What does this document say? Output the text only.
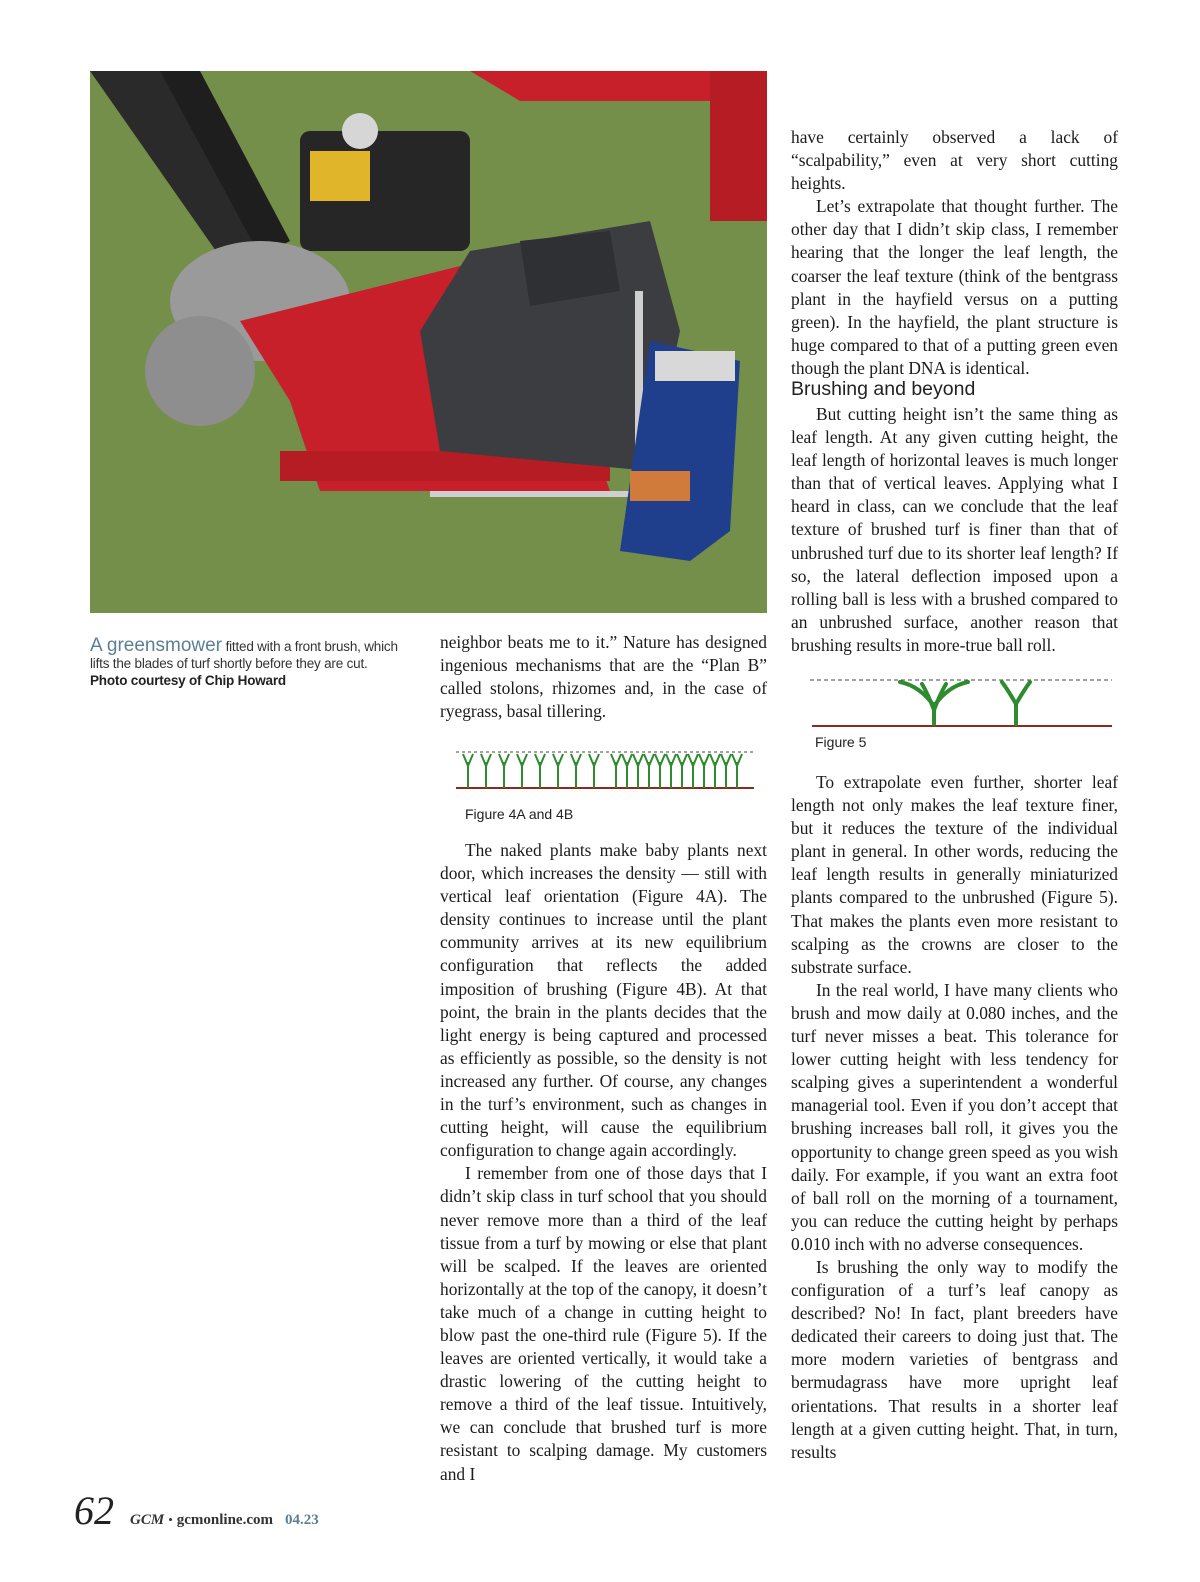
A greensmower fitted with a front brush, which lifts the blades of turf shortly before they are cut.
Photo courtesy of Chip Howard

neighbor beats me to it.” Nature has designed ingenious mechanisms that are the “Plan B” called stolons, rhizomes and, in the case of ryegrass, basal tillering.

Figure 4A and 4B

The naked plants make baby plants next door, which increases the density — still with vertical leaf orientation (Figure 4A). The density continues to increase until the plant community arrives at its new equilibrium configuration that reflects the added imposition of brushing (Figure 4B). At that point, the brain in the plants decides that the light energy is being captured and processed as efficiently as possible, so the density is not increased any further. Of course, any changes in the turf’s environment, such as changes in cutting height, will cause the equilibrium configuration to change again accordingly.

I remember from one of those days that I didn’t skip class in turf school that you should never remove more than a third of the leaf tissue from a turf by mowing or else that plant will be scalped. If the leaves are oriented horizontally at the top of the canopy, it doesn’t take much of a change in cutting height to blow past the one-third rule (Figure 5). If the leaves are oriented vertically, it would take a drastic lowering of the cutting height to remove a third of the leaf tissue. Intuitively, we can conclude that brushed turf is more resistant to scalping damage. My customers and I

have certainly observed a lack of “scalpability,” even at very short cutting heights.

Let’s extrapolate that thought further. The other day that I didn’t skip class, I remember hearing that the longer the leaf length, the coarser the leaf texture (think of the bentgrass plant in the hayfield versus on a putting green). In the hayfield, the plant structure is huge compared to that of a putting green even though the plant DNA is identical.

Brushing and beyond

But cutting height isn’t the same thing as leaf length. At any given cutting height, the leaf length of horizontal leaves is much longer than that of vertical leaves. Applying what I heard in class, can we conclude that the leaf texture of brushed turf is finer than that of unbrushed turf due to its shorter leaf length? If so, the lateral deflection imposed upon a rolling ball is less with a brushed compared to an unbrushed surface, another reason that brushing results in more-true ball roll.

Figure 5

To extrapolate even further, shorter leaf length not only makes the leaf texture finer, but it reduces the texture of the individual plant in general. In other words, reducing the leaf length results in generally miniaturized plants compared to the unbrushed (Figure 5). That makes the plants even more resistant to scalping as the crowns are closer to the substrate surface.

In the real world, I have many clients who brush and mow daily at 0.080 inches, and the turf never misses a beat. This tolerance for lower cutting height with less tendency for scalping gives a superintendent a wonderful managerial tool. Even if you don’t accept that brushing increases ball roll, it gives you the opportunity to change green speed as you wish daily. For example, if you want an extra foot of ball roll on the morning of a tournament, you can reduce the cutting height by perhaps 0.010 inch with no adverse consequences.

Is brushing the only way to modify the configuration of a turf’s leaf canopy as described? No! In fact, plant breeders have dedicated their careers to doing just that. The more modern varieties of bentgrass and bermudagrass have more upright leaf orientations. That results in a shorter leaf length at a given cutting height. That, in turn, results

62 GCM • gcmonline.com 04.23
